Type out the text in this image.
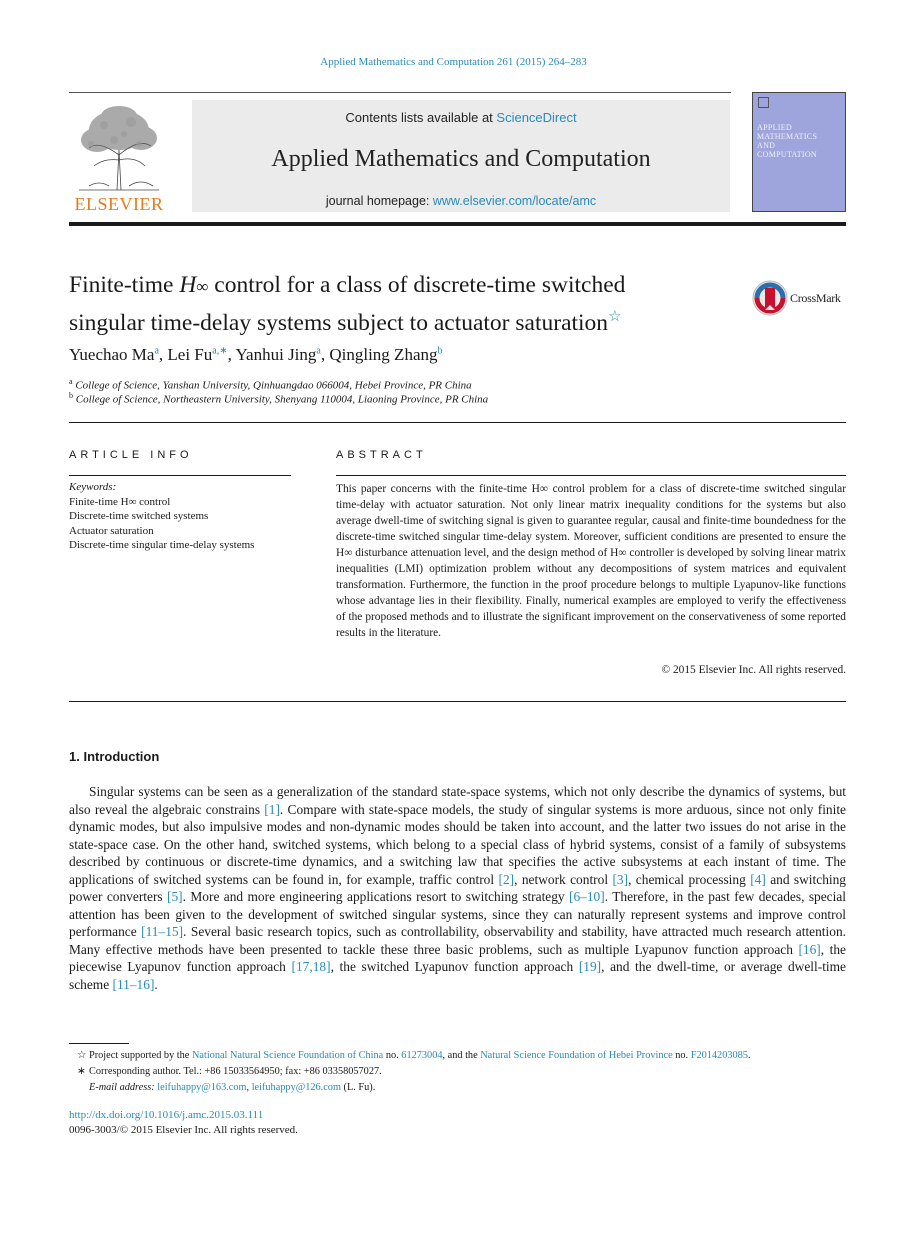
Applied Mathematics and Computation 261 (2015) 264–283
ELSEVIER
Contents lists available at ScienceDirect
Applied Mathematics and Computation
journal homepage: www.elsevier.com/locate/amc
APPLIED
MATHEMATICS
AND
COMPUTATION
Finite-time H∞ control for a class of discrete-time switched
singular time-delay systems subject to actuator saturation☆
CrossMark
Yuechao Ma$^a$, Lei $Fu^{a,∗}$, Yanhui Jing$^a$, Qingling Zhang$^b$
$^a$ College of Science, Yanshan University, Qinhuangdao 066004, Hebei Province, PR China
$^b$ College of Science, Northeastern University, Shenyang 110004, Liaoning Province, PR China
ARTICLE INFO
Keywords:
Finite-time H∞ control
Discrete-time switched systems
Actuator saturation
Discrete-time singular time-delay systems
ABSTRACT
This paper concerns with the finite-time H∞ control problem for a class of discrete-time switched singular time-delay with actuator saturation. Not only linear matrix inequality conditions for the systems but also average dwell-time of switching signal is given to guarantee regular, causal and finite-time boundedness for the discrete-time switched singular time-delay system. Moreover, sufficient conditions are presented to ensure the H∞ disturbance attenuation level, and the design method of H∞ controller is developed by solving linear matrix inequalities (LMI) optimization problem without any decompositions of system matrices and equivalent transformation. Furthermore, the function in the proof procedure belongs to multiple Lyapunov-like functions whose advantage lies in their flexibility. Finally, numerical examples are employed to verify the effectiveness of the proposed methods and to illustrate the significant improvement on the conservativeness of some reported results in the literature.
© 2015 Elsevier Inc. All rights reserved.
1. Introduction
Singular systems can be seen as a generalization of the standard state-space systems, which not only describe the dynamics of systems, but also reveal the algebraic constrains [1]. Compare with state-space models, the study of singular systems is more arduous, since not only finite dynamic modes, but also impulsive modes and non-dynamic modes should be taken into account, and the latter two issues do not arise in the state-space case. On the other hand, switched systems, which belong to a special class of hybrid systems, consist of a family of subsystems described by continuous or discrete-time dynamics, and a switching law that specifies the active subsystems at each instant of time. The applications of switched systems can be found in, for example, traffic control [2], network control [3], chemical processing [4] and switching power converters [5]. More and more engineering applications resort to switching strategy [6–10]. Therefore, in the past few decades, special attention has been given to the development of switched singular systems, since they can naturally represent systems and improve control performance [11–15]. Several basic research topics, such as controllability, observability and stability, have attracted much research attention. Many effective methods have been presented to tackle these three basic problems, such as multiple Lyapunov function approach [16], the piecewise Lyapunov function approach [17,18], the switched Lyapunov function approach [19], and the dwell-time, or average dwell-time scheme [11–16].
☆ Project supported by the National Natural Science Foundation of China no. 61273004, and the Natural Science Foundation of Hebei Province no. F2014203085.
∗ Corresponding author. Tel.: +86 15033564950; fax: +86 03358057027.
E-mail address: leifuhappy@163.com, leifuhappy@126.com (L. Fu).
http://dx.doi.org/10.1016/j.amc.2015.03.111
0096-3003/© 2015 Elsevier Inc. All rights reserved.
